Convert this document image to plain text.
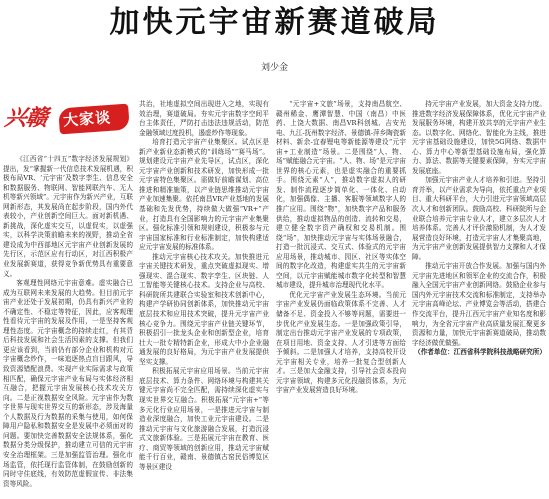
加快元宇宙新赛道破局
刘少金
兴赣 大家谈

《江西省“十四五”数字经济发展规划》提出，发“掌握新一代信息技术发展机遇，积极布局VR、‘元宇宙’及数字孪生、信息安全和数据服务、物联网、智能网联汽车、无人机等新兴领域”。元宇宙作为新兴产业，互联网新形态，其发展尚在起步阶段，国内外代表较小，产业创新空间巨大。面对新机遇、新挑战，深化虚实交互，以虚促实，以虚强实，以科学决策前瞻未来的视野，推动全省建设成为中西部地区元宇宙产业创新发展的先行区，示范区应有行动区，对江西积极产业发展新赛道，获得竞争新优势具有重要意义。

客观理性网络元宇宙意难。虚实融合已成为互联网未来发展的大趋势。但目前元宇宙产业还处于发展初期，仍具有新兴产业的不确定性、不稳定等特征，因此，应客观理性看待元宇宙的发展及作用，一是坚持客观理性态度。元宇宙概念的持续走红，有其背后科技发展和社会生活因素的支撑。但我们更应该看到，当前仍有部分企业和机构对元宇宙概念炒作，一味追逐热点盲目跟风，导致资源错配浪费。实现产业实际需求与政策相匹配，确保元宇宙产业布局与实体经济相互融合，把握元宇宙发展核心技术攻关方向。二是正视数据安全风险。元宇宙作为数字世界与现实世界交互的新形态，涉及海量个人数据及行为数据的采集与使用，如何保障用户隐私和数据安全是发展中必须面对的问题。要加快完善数据安全法规体系，强化数据分类分级保护，推动建立可信的元宇宙安全治理框架。三是加强监管治理。强化市场监管，依托现行监管体制，在鼓励创新的同时守住底线，有效防范虚假宣传、非法集资等风险。

共治，社地虚拟空间出现进入之地，实现有效治理，赛道破局。夯实元宇宙数字空间平台主体责任，严防打击违法违规活动，防范金融领域过度投机，遏虚炒作等现象。

培育打造元宇宙产业集聚区。试点区是新产业新业态新模式的“训练场”“赛马场”。规划建设元宇宙产业先导区，试点区，深化元宇宙产业创新和技术研发，加快形成一批元宇宙特色集聚区。需做好前瞻谋划、高位推进和精准施策，以产业链思维推动元宇宙产业加速集聚。依托南昌VR产业基地的发展基础和先发优势，持续做大做强“VR+”产业，打造具有全国影响力的元宇宙产业集聚区。强化标准引领和规则建设，积极参与元宇宙国家标准和行业标准制定，加快构建适应元宇宙发展的标准体系。

推动元宇宙核心技术攻关。加快推进元宇宙关键技术研发，重点突破虚拟现实、增强现实、混合现实、数字孪生、区块链、人工智能等关键核心技术。支持企业与高校、科研院所共建联合实验室和技术创新中心，构建产学研协同创新体系，加快推动元宇宙底层技术和应用技术突破，提升元宇宙产业核心竞争力。围绕元宇宙产业链关键环节，积极招引一批龙头企业和创新型企业，培育壮大一批专精特新企业，形成大中小企业融通发展的良好格局，为元宇宙产业发展提供坚实支撑。

积极拓展元宇宙应用场景。当前元宇宙底层技术、算力条件、网络环境与构建其关键元宇宙尚不完全匹配，需持续深化虚实与现实世界交互融合。积极拓展“元宇宙+”等多元化行业应用场景，一是推进元宇宙与制造业深度融合，加快工业元宇宙建设。二是推动元宇宙与文化旅游融合发展，打造沉浸式文旅新体验。三是拓展元宇宙在教育、医疗、商贸等领域的创新应用，推动元宇宙赋能千行百业，赣南、景德镇古窑民俗博览区等景区建设

“元宇宙+文旅”场景，支持南昌航空、赣州稀金、鹰潭智慧、中国（南昌）中医药、上饶大数据、南昌VR科创城、吉安光电、九江-抚州数字经济、景德镇-萍乡陶瓷新材料、新余-宜春锂电等新能源等建设“元宇宙+工业制造”场景。二是围绕“人、物、场”赋能融合元宇宙。“人、物、场”是元宇宙世界的核心元素，也是虚实融合的重要抓手。围绕元素“人”，推动数字虚拟人的研发、制作流程逐步简单化、一体化、自动化，加强偶像、主播、客服等领域数字人的推广应用。围绕“物”，加快数字产品和服务供给，推动虚拟物品的创造、流转和交易，建立健全数字资产确权和交易机制。围绕“场”，加快推动元宇宙与实体场景融合，打造一批沉浸式、交互式、体验式的元宇宙应用场景，推动城市、园区、社区等实体空间的数字化改造，构建虚实共生的元宇宙新空间，以元宇宙赋能城市数字化转型和智慧城市建设，提升城市治理现代化水平。

优化元宇宙产业发展生态环境。当前元宇宙产业发展仍面临政策体系不完善、人才储备不足、资金投入不够等问题，需要进一步优化产业发展生态。一是加强政策引导，制定出台推动元宇宙产业发展的专项政策，在项目用地、资金支持、人才引进等方面给予倾斜。二是加强人才培养，支持高校开设元宇宙相关专业，培养一批复合型创新人才。三是加大金融支持，引导社会资本投向元宇宙领域，构建多元化投融资体系，为元宇宙产业发展营造良好环境。

持元宇宙产业发展，加大资金支持力度。推进数字经济发展保障体系，优化元宇宙产业发展服务环境，构建开放共享的元宇宙产业生态。以数字化、网络化、智能化为主线，推进元宇宙基础设施建设，加快5G网络、数据中心、算力中心等新型基础设施布局，强化算力、算法、数据等关键要素保障，夯实元宇宙发展底座。

加强元宇宙产业人才培养和引进。坚持引育并举，以产业需求为导向，依托重点产业项目、重大科研平台，大力引进元宇宙领域高层次人才和创新团队。鼓励高校、科研院所与企业联合培养元宇宙专业人才，建立多层次人才培养体系。完善人才评价激励机制，为人才发展营造良好环境，打造元宇宙人才集聚高地，为元宇宙产业创新发展提供智力支撑和人才保障。

推动元宇宙开放合作发展。加强与国内外元宇宙先进地区和领军企业的交流合作，积极融入全国元宇宙产业创新网络。鼓励企业参与国内外元宇宙技术交流和标准制定，支持举办元宇宙高峰论坛、产业博览会等活动，搭建合作交流平台，提升江西元宇宙产业知名度和影响力，为全省元宇宙产业高质量发展汇聚更多资源和力量，加快元宇宙新赛道破局，推动数字经济做优做强。

（作者单位：江西省科学院科技战略研究所）
